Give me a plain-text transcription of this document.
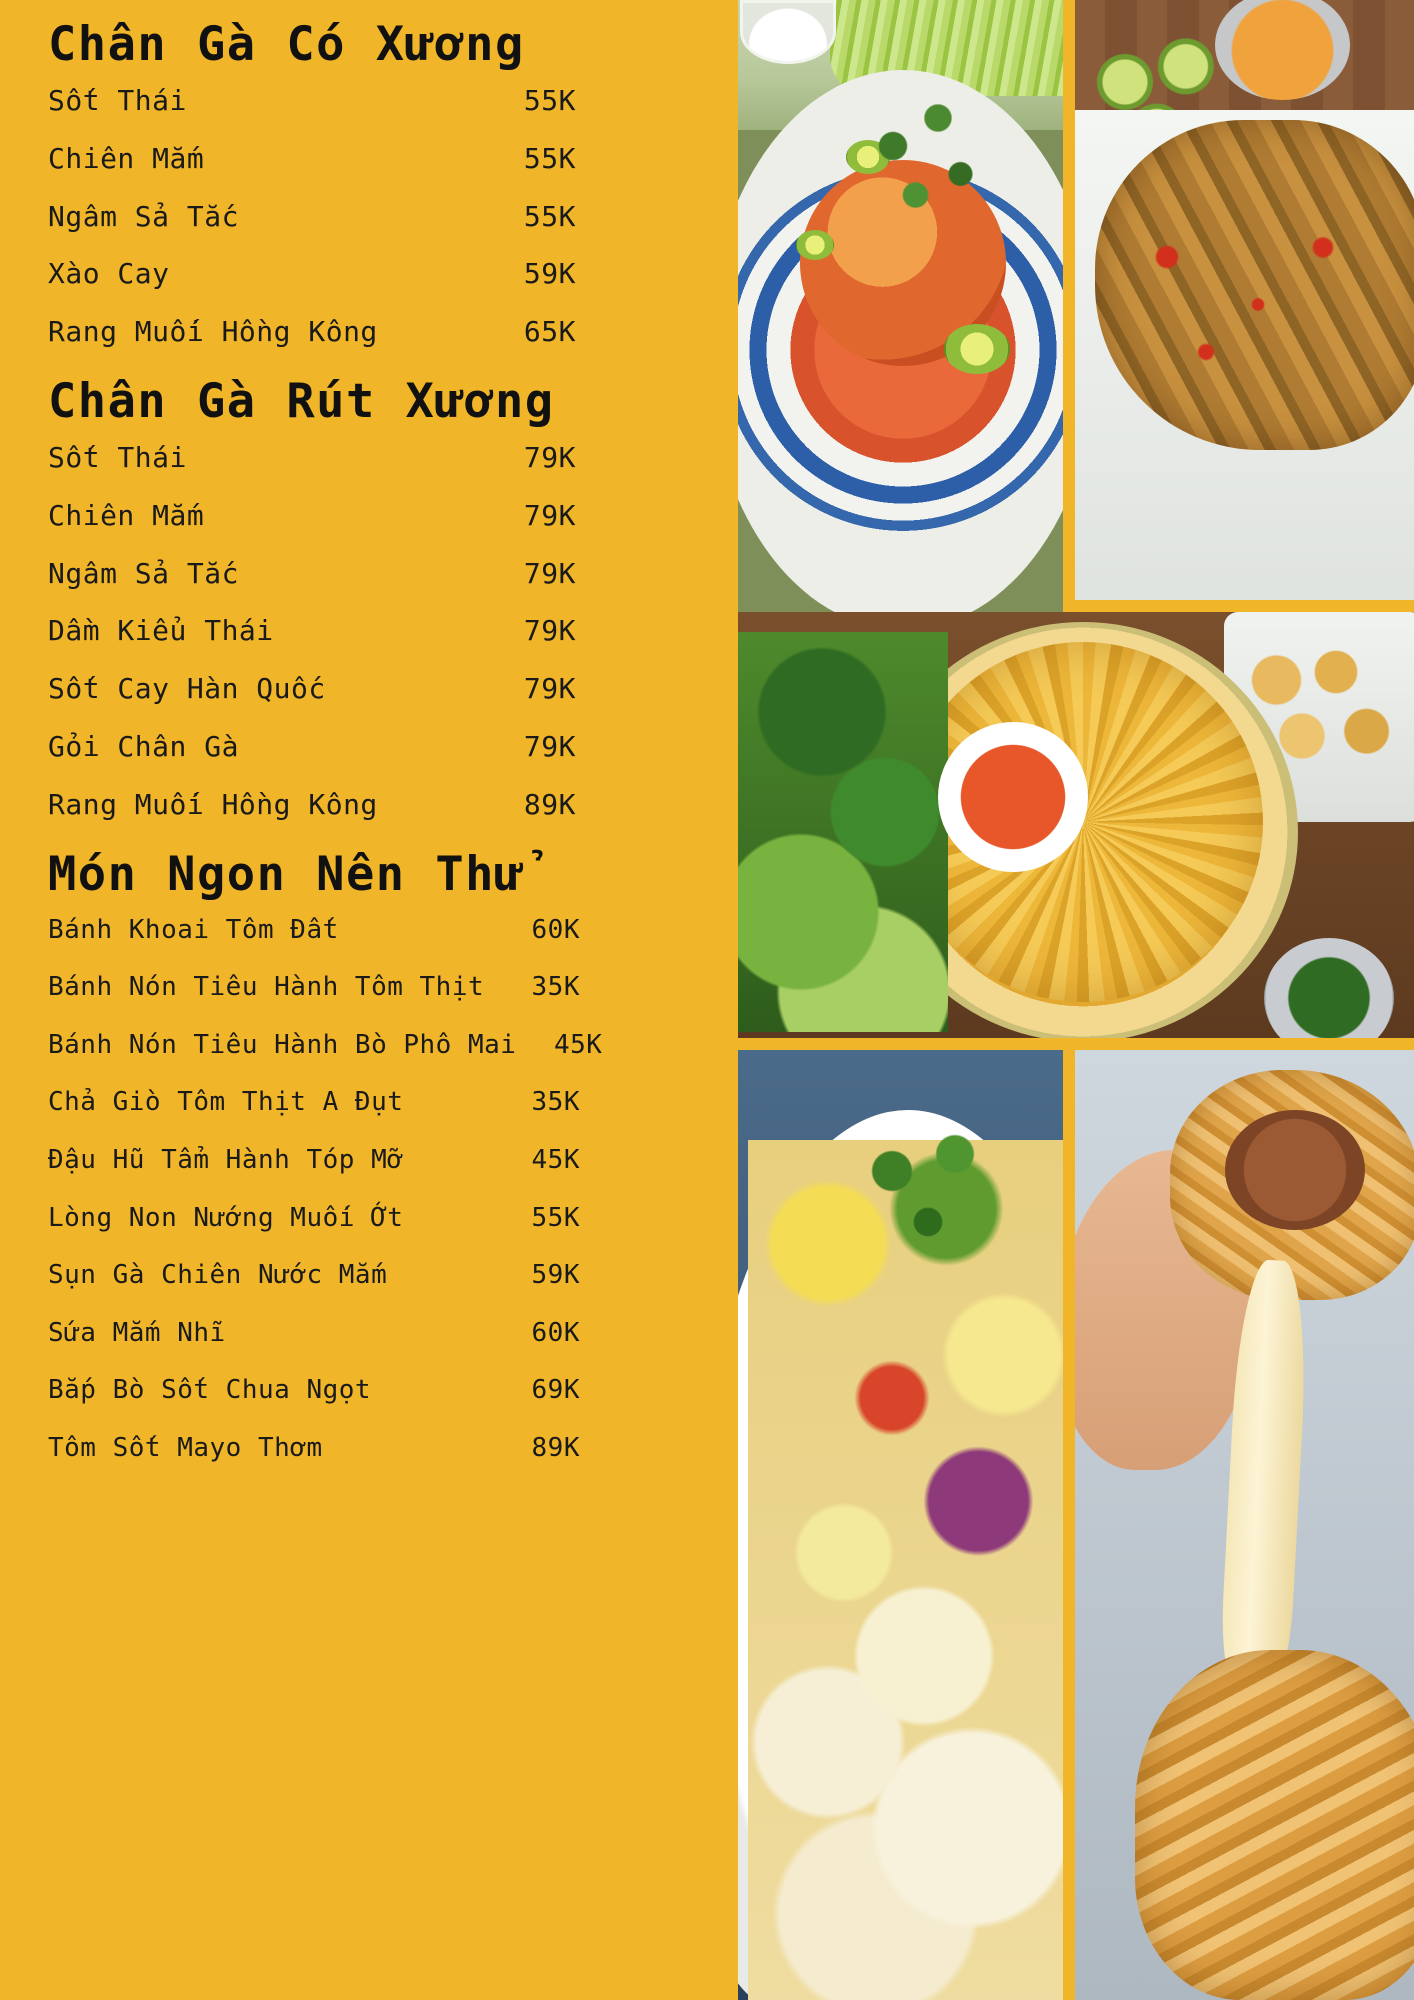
Chân Gà Có Xương
Sốt Thái	55K
Chiên Mắm	55K
Ngâm Sả Tắc	55K
Xào Cay	59K
Rang Muối Hồng Kông	65K
Chân Gà Rút Xương
Sốt Thái	79K
Chiên Mắm	79K
Ngâm Sả Tắc	79K
Dầm Kiểu Thái	79K
Sốt Cay Hàn Quốc	79K
Gỏi Chân Gà	79K
Rang Muối Hồng Kông	89K
Món Ngon Nên Thử
Bánh Khoai Tôm Đất	60K
Bánh Nón Tiêu Hành Tôm Thịt	35K
Bánh Nón Tiêu Hành Bò Phô Mai	45K
Chả Giò Tôm Thịt A Đụt	35K
Đậu Hũ Tẩm Hành Tóp Mỡ	45K
Lòng Non Nướng Muối Ớt	55K
Sụn Gà Chiên Nước Mắm	59K
Sứa Mắm Nhĩ	60K
Bắp Bò Sốt Chua Ngọt	69K
Tôm Sốt Mayo Thơm	89K
